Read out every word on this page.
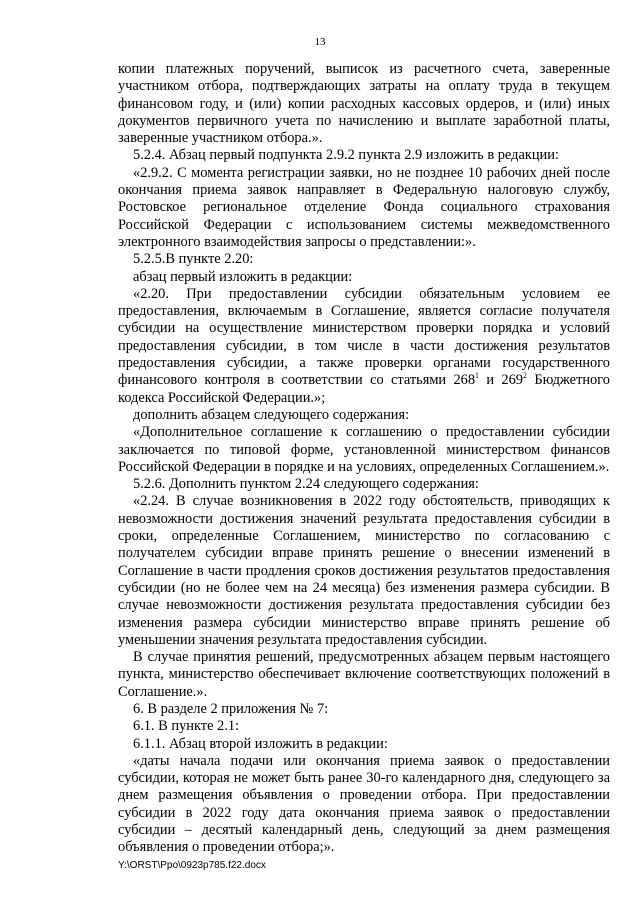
13

копии платежных поручений, выписок из расчетного счета, заверенные участником отбора, подтверждающих затраты на оплату труда в текущем финансовом году, и (или) копии расходных кассовых ордеров, и (или) иных документов первичного учета по начислению и выплате заработной платы, заверенные участником отбора.».

5.2.4. Абзац первый подпункта 2.9.2 пункта 2.9 изложить в редакции:

«2.9.2. С момента регистрации заявки, но не позднее 10 рабочих дней после окончания приема заявок направляет в Федеральную налоговую службу, Ростовское региональное отделение Фонда социального страхования Российской Федерации с использованием системы межведомственного электронного взаимодействия запросы о представлении:».

5.2.5.В пункте 2.20:

абзац первый изложить в редакции:

«2.20. При предоставлении субсидии обязательным условием ее предоставления, включаемым в Соглашение, является согласие получателя субсидии на осуществление министерством проверки порядка и условий предоставления субсидии, в том числе в части достижения результатов предоставления субсидии, а также проверки органами государственного финансового контроля в соответствии со статьями $268^1$ и $269^2$ Бюджетного кодекса Российской Федерации.»;

дополнить абзацем следующего содержания:

«Дополнительное соглашение к соглашению о предоставлении субсидии заключается по типовой форме, установленной министерством финансов Российской Федерации в порядке и на условиях, определенных Соглашением.».

5.2.6. Дополнить пунктом 2.24 следующего содержания:

«2.24. В случае возникновения в 2022 году обстоятельств, приводящих к невозможности достижения значений результата предоставления субсидии в сроки, определенные Соглашением, министерство по согласованию с получателем субсидии вправе принять решение о внесении изменений в Соглашение в части продления сроков достижения результатов предоставления субсидии (но не более чем на 24 месяца) без изменения размера субсидии. В случае невозможности достижения результата предоставления субсидии без изменения размера субсидии министерство вправе принять решение об уменьшении значения результата предоставления субсидии.

В случае принятия решений, предусмотренных абзацем первым настоящего пункта, министерство обеспечивает включение соответствующих положений в Соглашение.».

6. В разделе 2 приложения № 7:

6.1. В пункте 2.1:

6.1.1. Абзац второй изложить в редакции:

«даты начала подачи или окончания приема заявок о предоставлении субсидии, которая не может быть ранее 30-го календарного дня, следующего за днем размещения объявления о проведении отбора. При предоставлении субсидии в 2022 году дата окончания приема заявок о предоставлении субсидии – десятый календарный день, следующий за днем размещения объявления о проведении отбора;».

Y:\ORST\Ppo\0923p785.f22.docx
